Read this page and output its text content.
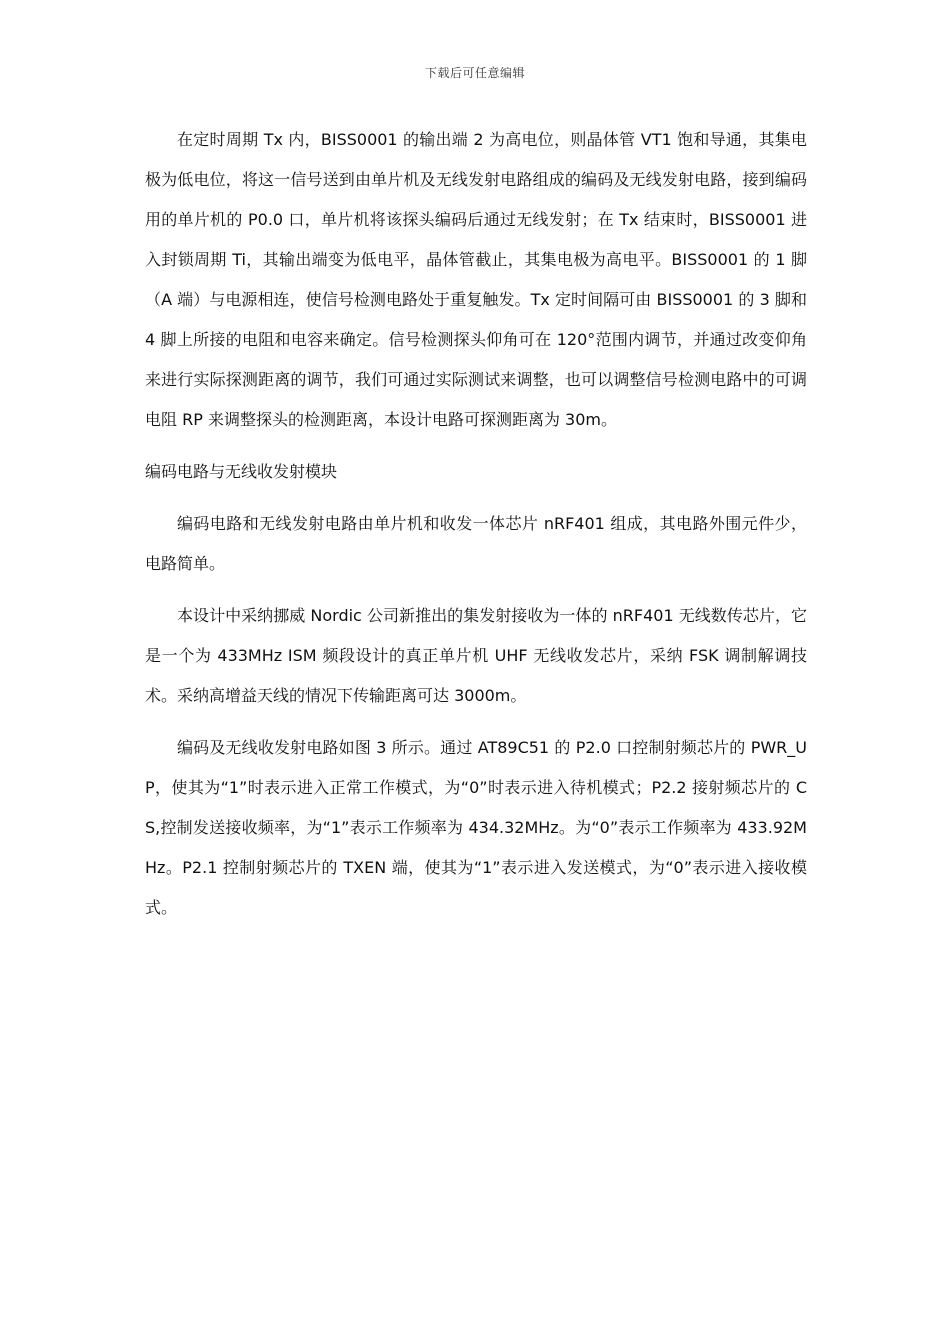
下载后可任意编辑

在定时周期 Tx 内，BISS0001 的输出端 2 为高电位，则晶体管 VT1 饱和导通，其集电极为低电位，将这一信号送到由单片机及无线发射电路组成的编码及无线发射电路，接到编码用的单片机的 P0.0 口，单片机将该探头编码后通过无线发射；在 Tx 结束时，BISS0001 进入封锁周期 Ti，其输出端变为低电平，晶体管截止，其集电极为高电平。BISS0001 的 1 脚（A 端）与电源相连，使信号检测电路处于重复触发。Tx 定时间隔可由 BISS0001 的 3 脚和 4 脚上所接的电阻和电容来确定。信号检测探头仰角可在 120°范围内调节，并通过改变仰角来进行实际探测距离的调节，我们可通过实际测试来调整，也可以调整信号检测电路中的可调电阻 RP 来调整探头的检测距离，本设计电路可探测距离为 30m。

编码电路与无线收发射模块

编码电路和无线发射电路由单片机和收发一体芯片 nRF401 组成，其电路外围元件少，电路简单。

本设计中采纳挪威 Nordic 公司新推出的集发射接收为一体的 nRF401 无线数传芯片，它是一个为 433MHz ISM 频段设计的真正单片机 UHF 无线收发芯片，采纳 FSK 调制解调技术。采纳高增益天线的情况下传输距离可达 3000m。

编码及无线收发射电路如图 3 所示。通过 AT89C51 的 P2.0 口控制射频芯片的 PWR_UP，使其为“1”时表示进入正常工作模式，为“0”时表示进入待机模式；P2.2 接射频芯片的 CS,控制发送接收频率，为“1”表示工作频率为 434.32MHz。为“0”表示工作频率为 433.92MHz。P2.1 控制射频芯片的 TXEN 端，使其为“1”表示进入发送模式，为“0”表示进入接收模式。
